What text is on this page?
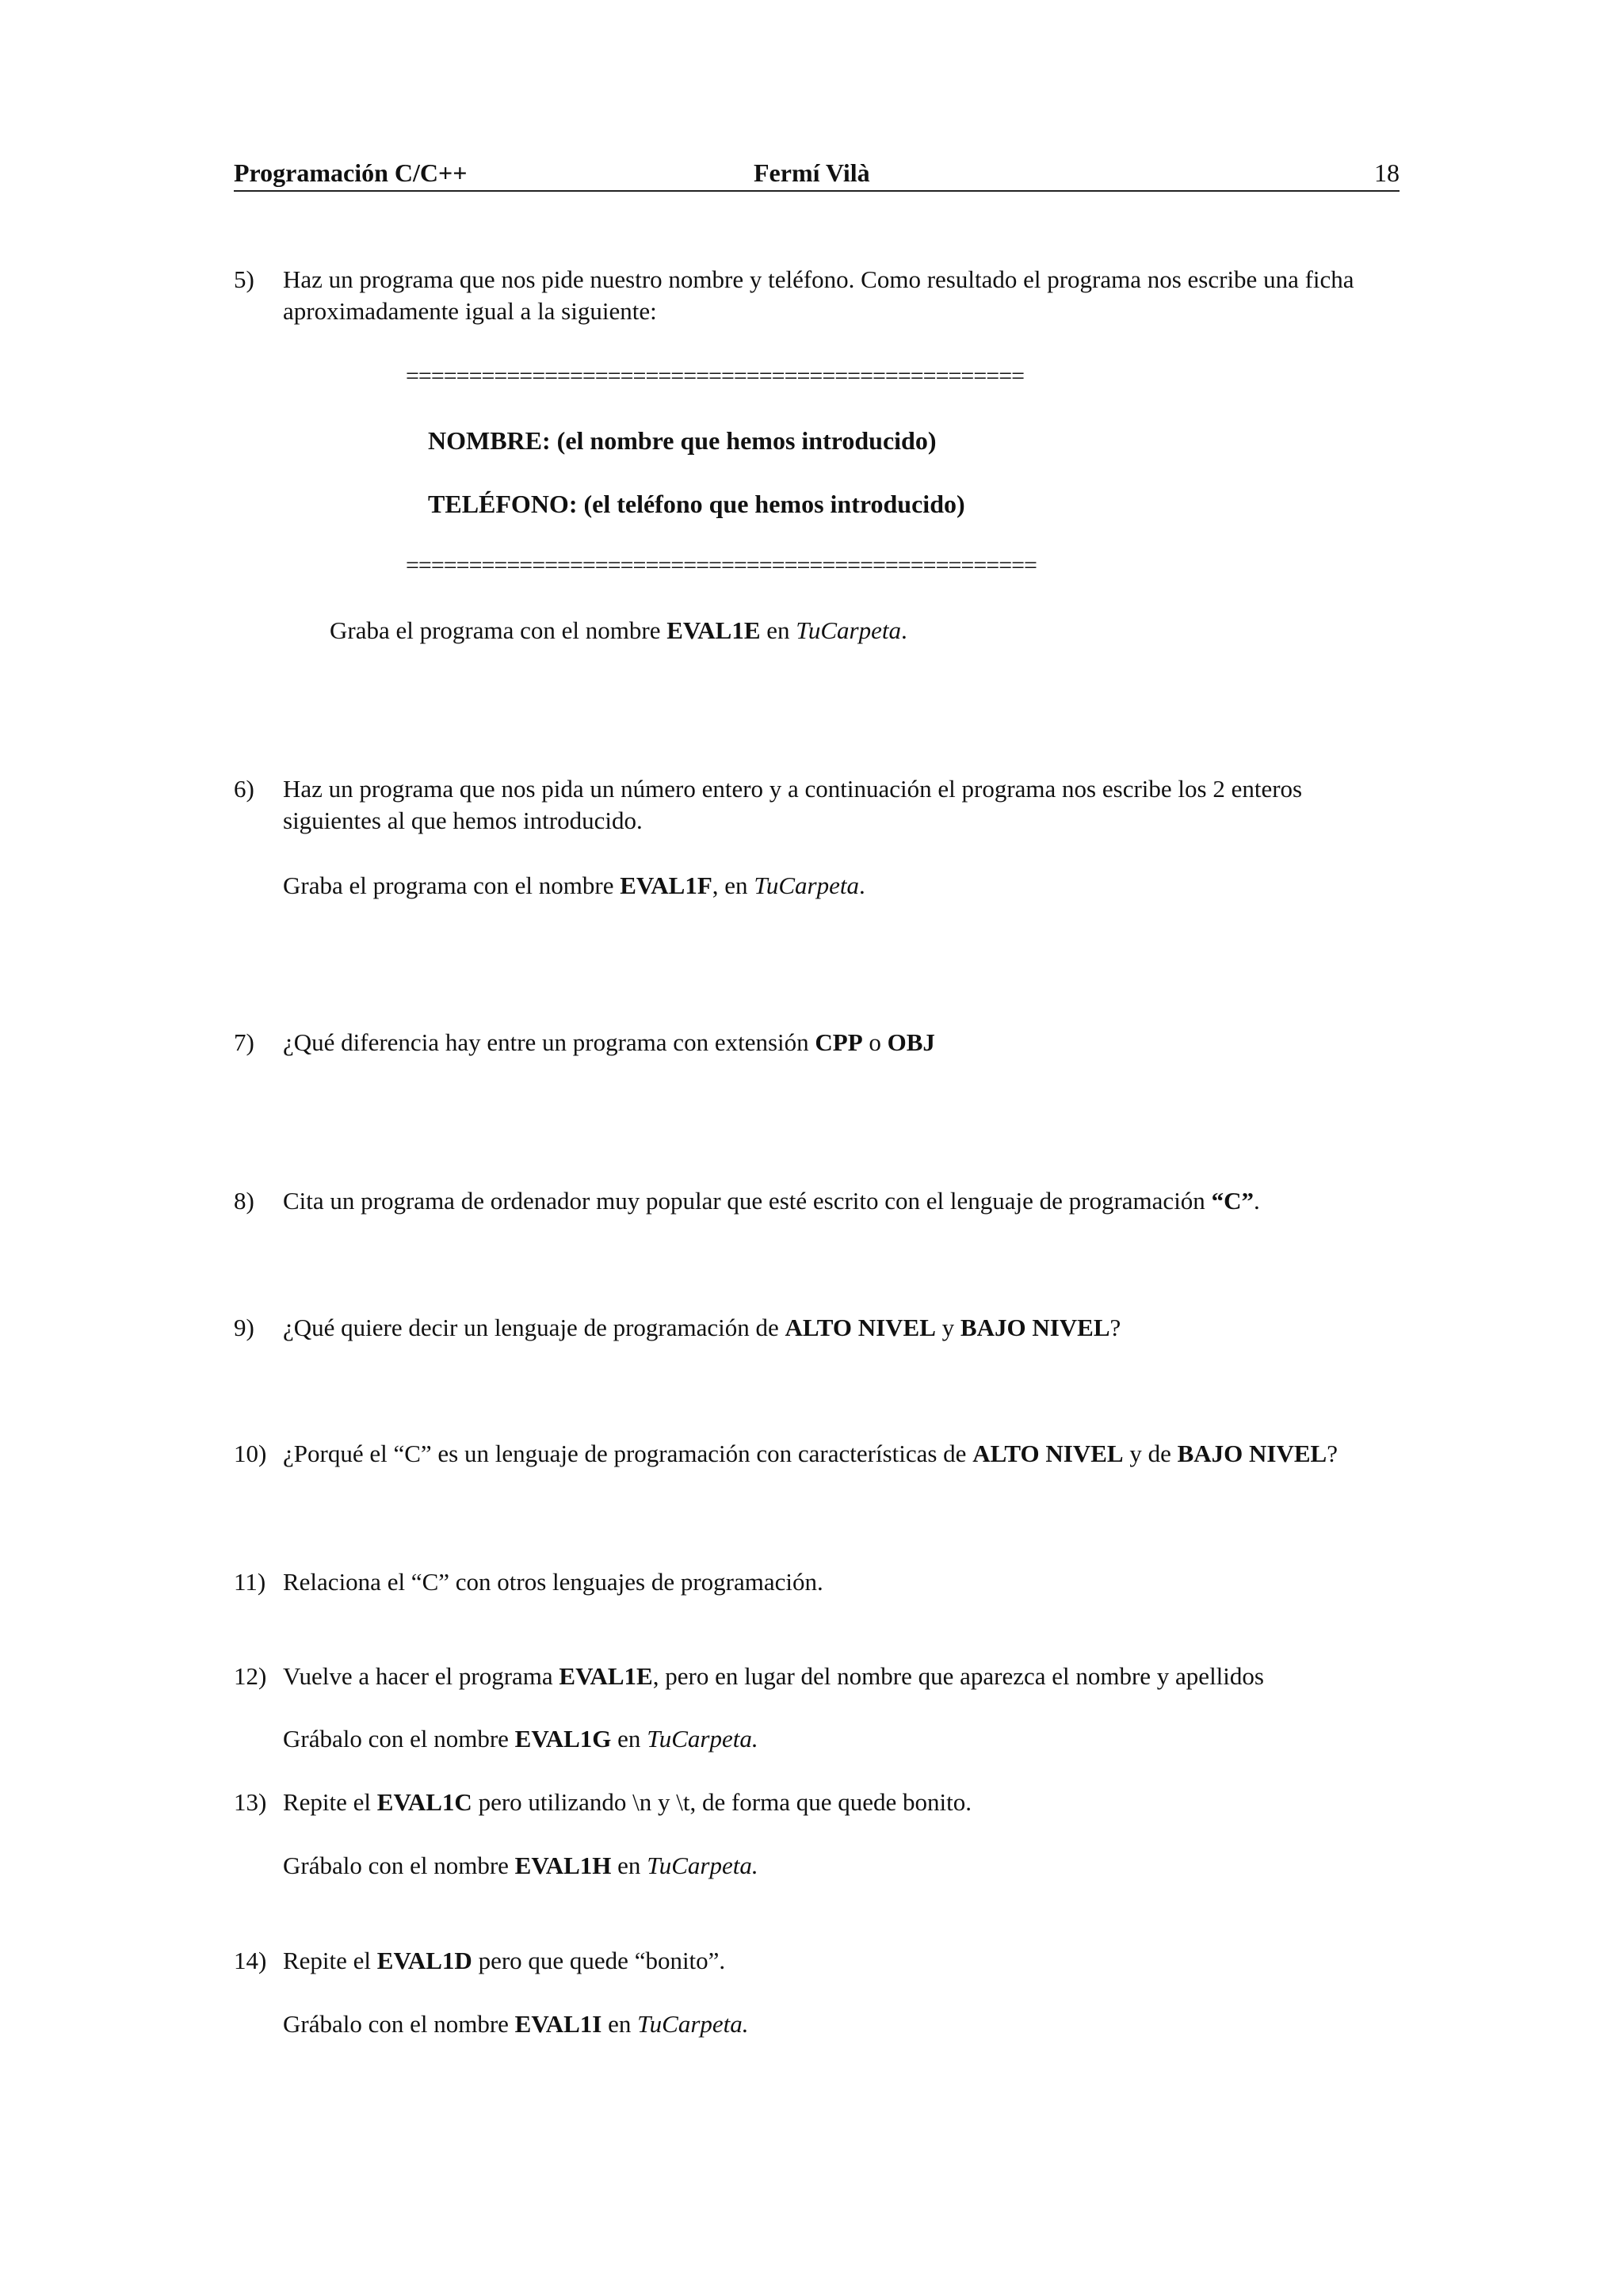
Programación C/C++	Fermí Vilà	18
5) Haz un programa que nos pide nuestro nombre y teléfono. Como resultado el programa nos escribe una ficha aproximadamente igual a la siguiente:
=================================================
NOMBRE: (el nombre que hemos introducido)
TELÉFONO: (el teléfono que hemos introducido)
==================================================
Graba el programa con el nombre EVAL1E en TuCarpeta.
6) Haz un programa que nos pida un número entero y a continuación el programa nos escribe los 2 enteros siguientes al que hemos introducido.
Graba el programa con el nombre EVAL1F, en TuCarpeta.
7) ¿Qué diferencia hay entre un programa con extensión CPP o OBJ
8) Cita un programa de ordenador muy popular que esté escrito con el lenguaje de programación “C”.
9) ¿Qué quiere decir un lenguaje de programación de ALTO NIVEL y BAJO NIVEL?
10) ¿Porqué el “C” es un lenguaje de programación con características de ALTO NIVEL y de BAJO NIVEL?
11) Relaciona el “C” con otros lenguajes de programación.
12) Vuelve a hacer el programa EVAL1E, pero en lugar del nombre que aparezca el nombre y apellidos
Grábalo con el nombre EVAL1G en TuCarpeta.
13) Repite el EVAL1C pero utilizando \n y \t, de forma que quede bonito.
Grábalo con el nombre EVAL1H en TuCarpeta.
14) Repite el EVAL1D pero que quede “bonito”.
Grábalo con el nombre EVAL1I en TuCarpeta.
